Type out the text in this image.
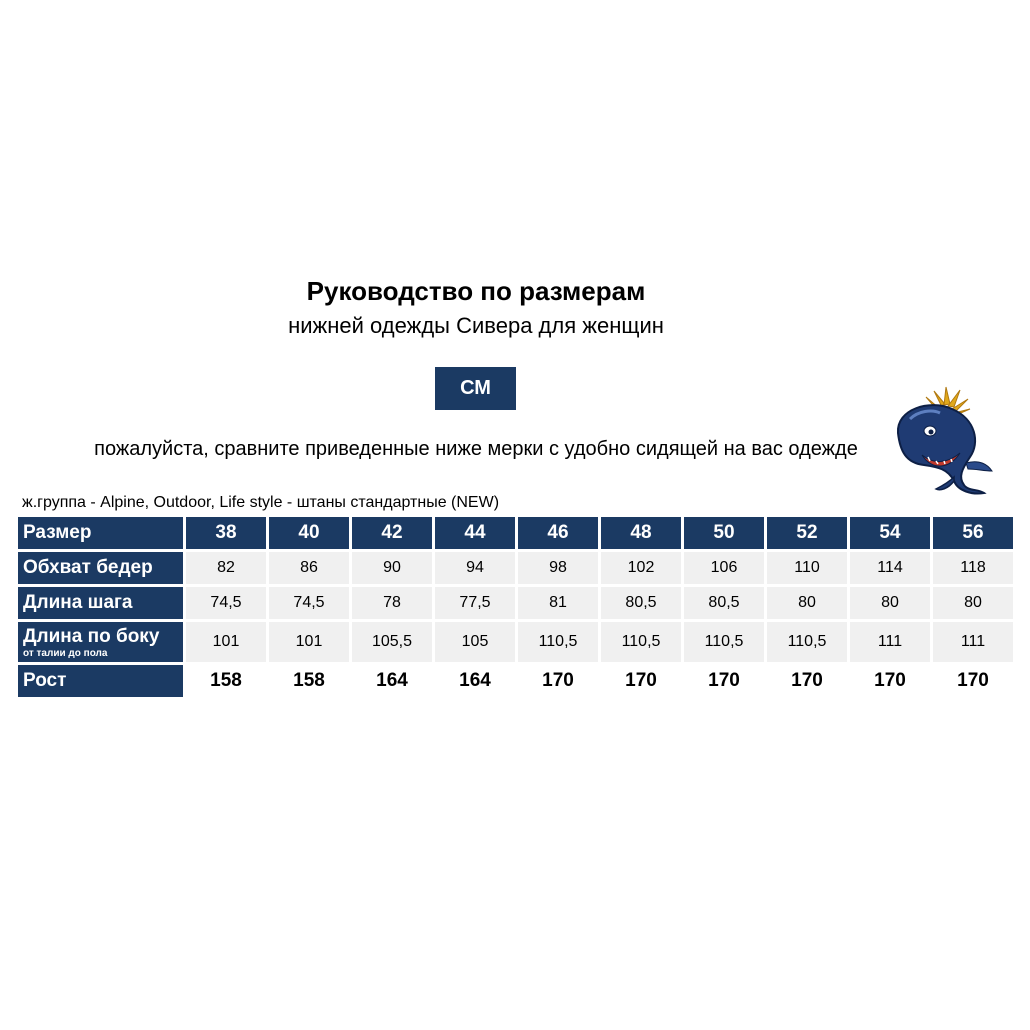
Руководство по размерам
нижней одежды Сивера для женщин
СМ
пожалуйста, сравните приведенные ниже мерки с удобно сидящей на вас одежде
ж.группа - Alpine, Outdoor, Life style - штаны стандартные (NEW)
Размер	38	40	42	44	46	48	50	52	54	56

Обхват бедер	82	86	90	94	98	102	106	110	114	118

Длина шага	74,5	74,5	78	77,5	81	80,5	80,5	80	80	80

Длина по боку
от талии до пола	101	101	105,5	105	110,5	110,5	110,5	110,5	111	111

Рост	158	158	164	164	170	170	170	170	170	170
